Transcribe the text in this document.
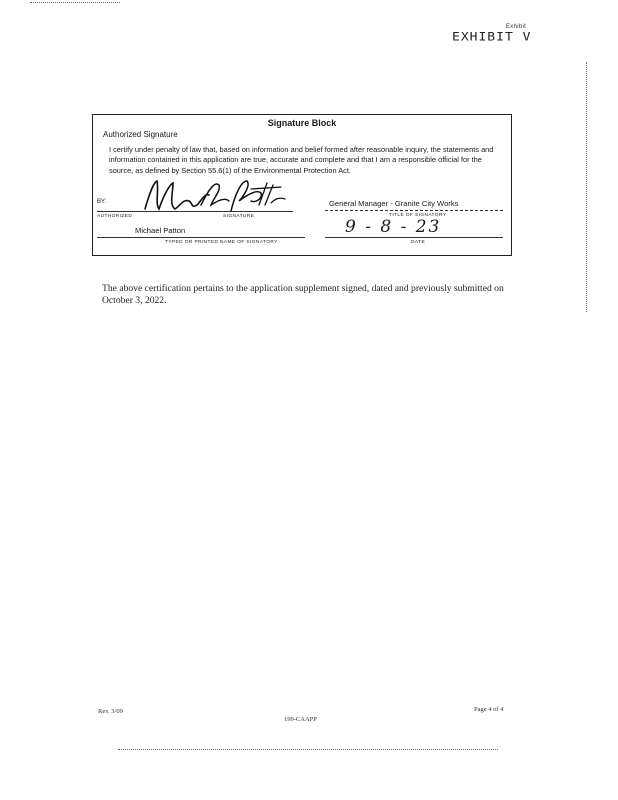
Exhibit
EXHIBIT V
Signature Block
Authorized Signature
I certify under penalty of law that, based on information and belief formed after reasonable inquiry, the statements and information contained in this application are true, accurate and complete and that I am a responsible official for the source, as defined by Section 55.6(1) of the Environmental Protection Act.
BY:
AUTHORIZED	SIGNATURE
General Manager - Granite City Works
TITLE OF SIGNATORY
Michael Patton
TYPED OR PRINTED NAME OF SIGNATORY
9 - 8 - 23
DATE
The above certification pertains to the application supplement signed, dated and previously submitted on October 3, 2022.
Rev. 3/09
199-CAAPP
Page 4 of 4
